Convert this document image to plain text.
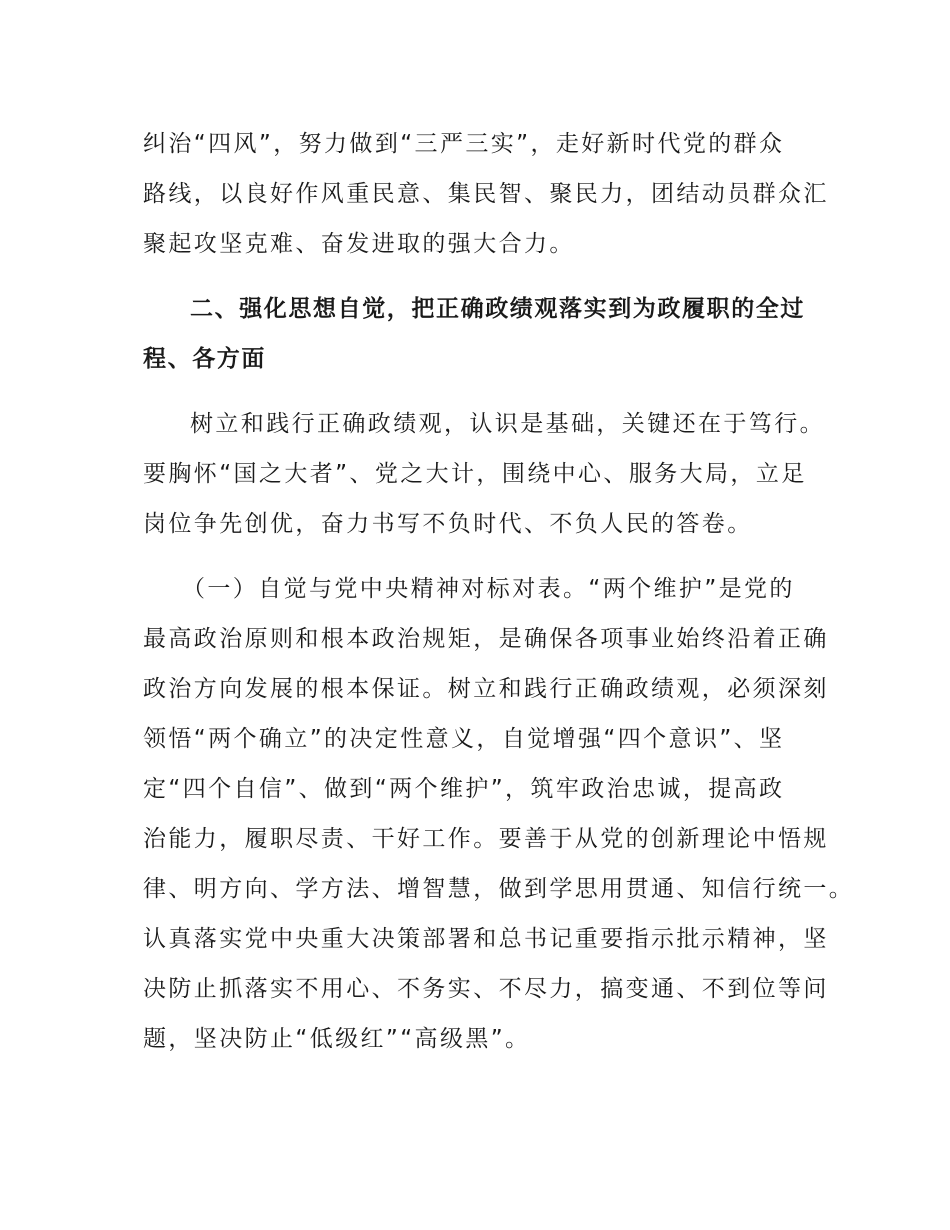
纠治“四风”，努力做到“三严三实”，走好新时代党的群众
路线，以良好作风重民意、集民智、聚民力，团结动员群众汇
聚起攻坚克难、奋发进取的强大合力。
二、强化思想自觉，把正确政绩观落实到为政履职的全过
程、各方面
树立和践行正确政绩观，认识是基础，关键还在于笃行。
要胸怀“国之大者”、党之大计，围绕中心、服务大局，立足
岗位争先创优，奋力书写不负时代、不负人民的答卷。
（一）自觉与党中央精神对标对表。“两个维护”是党的
最高政治原则和根本政治规矩，是确保各项事业始终沿着正确
政治方向发展的根本保证。树立和践行正确政绩观，必须深刻
领悟“两个确立”的决定性意义，自觉增强“四个意识”、坚
定“四个自信”、做到“两个维护”，筑牢政治忠诚，提高政
治能力，履职尽责、干好工作。要善于从党的创新理论中悟规
律、明方向、学方法、增智慧，做到学思用贯通、知信行统一。
认真落实党中央重大决策部署和总书记重要指示批示精神，坚
决防止抓落实不用心、不务实、不尽力，搞变通、不到位等问
题，坚决防止“低级红”“高级黑”。
